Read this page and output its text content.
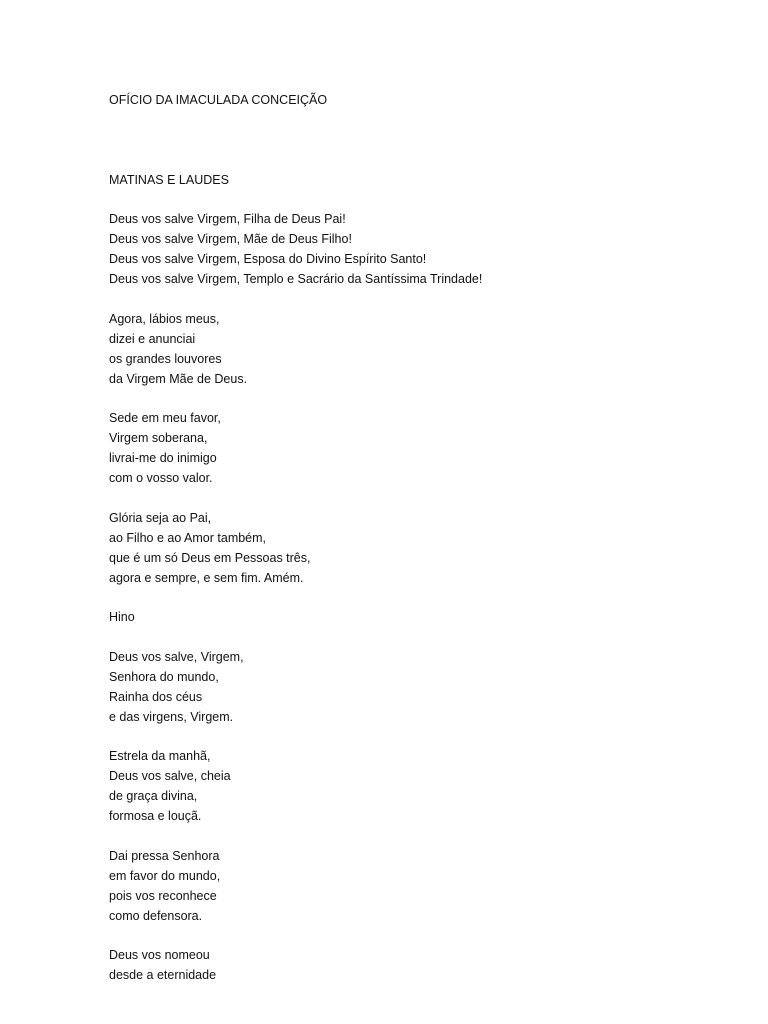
OFÍCIO DA IMACULADA CONCEIÇÃO
MATINAS E LAUDES
Deus vos salve Virgem, Filha de Deus Pai!
Deus vos salve Virgem, Mãe de Deus Filho!
Deus vos salve Virgem, Esposa do Divino Espírito Santo!
Deus vos salve Virgem, Templo e Sacrário da Santíssima Trindade!
Agora, lábios meus,
dizei e anunciai
os grandes louvores
da Virgem Mãe de Deus.
Sede em meu favor,
Virgem soberana,
livrai-me do inimigo
com o vosso valor.
Glória seja ao Pai,
ao Filho e ao Amor também,
que é um só Deus em Pessoas três,
agora e sempre, e sem fim. Amém.
Hino
Deus vos salve, Virgem,
Senhora do mundo,
Rainha dos céus
e das virgens, Virgem.
Estrela da manhã,
Deus vos salve, cheia
de graça divina,
formosa e louçã.
Dai pressa Senhora
em favor do mundo,
pois vos reconhece
como defensora.
Deus vos nomeou
desde a eternidade
